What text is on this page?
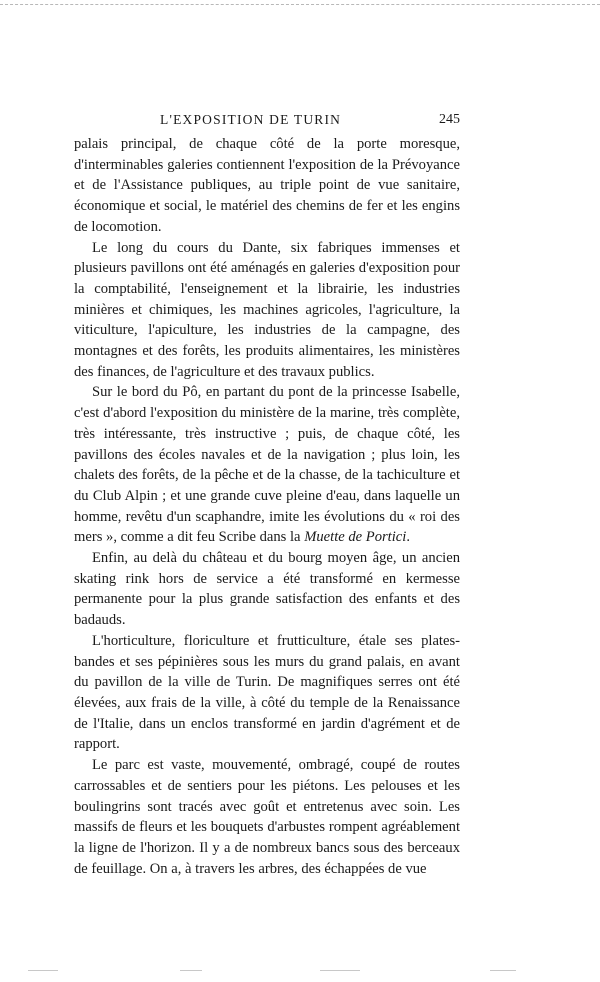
L'EXPOSITION DE TURIN	245

palais principal, de chaque côté de la porte moresque, d'interminables galeries contiennent l'exposition de la Prévoyance et de l'Assistance publiques, au triple point de vue sanitaire, économique et social, le matériel des chemins de fer et les engins de locomotion.

Le long du cours du Dante, six fabriques immenses et plusieurs pavillons ont été aménagés en galeries d'exposition pour la comptabilité, l'enseignement et la librairie, les industries minières et chimiques, les machines agricoles, l'agriculture, la viticulture, l'apiculture, les industries de la campagne, des montagnes et des forêts, les produits alimentaires, les ministères des finances, de l'agriculture et des travaux publics.

Sur le bord du Pô, en partant du pont de la princesse Isabelle, c'est d'abord l'exposition du ministère de la marine, très complète, très intéressante, très instructive ; puis, de chaque côté, les pavillons des écoles navales et de la navigation ; plus loin, les chalets des forêts, de la pêche et de la chasse, de la tachiculture et du Club Alpin ; et une grande cuve pleine d'eau, dans laquelle un homme, revêtu d'un scaphandre, imite les évolutions du « roi des mers », comme a dit feu Scribe dans la Muette de Portici.

Enfin, au delà du château et du bourg moyen âge, un ancien skating rink hors de service a été transformé en kermesse permanente pour la plus grande satisfaction des enfants et des badauds.

L'horticulture, floriculture et frutticulture, étale ses plates-bandes et ses pépinières sous les murs du grand palais, en avant du pavillon de la ville de Turin. De magnifiques serres ont été élevées, aux frais de la ville, à côté du temple de la Renaissance de l'Italie, dans un enclos transformé en jardin d'agrément et de rapport.

Le parc est vaste, mouvementé, ombragé, coupé de routes carrossables et de sentiers pour les piétons. Les pelouses et les boulingrins sont tracés avec goût et entretenus avec soin. Les massifs de fleurs et les bouquets d'arbustes rompent agréablement la ligne de l'horizon. Il y a de nombreux bancs sous des berceaux de feuillage. On a, à travers les arbres, des échappées de vue
